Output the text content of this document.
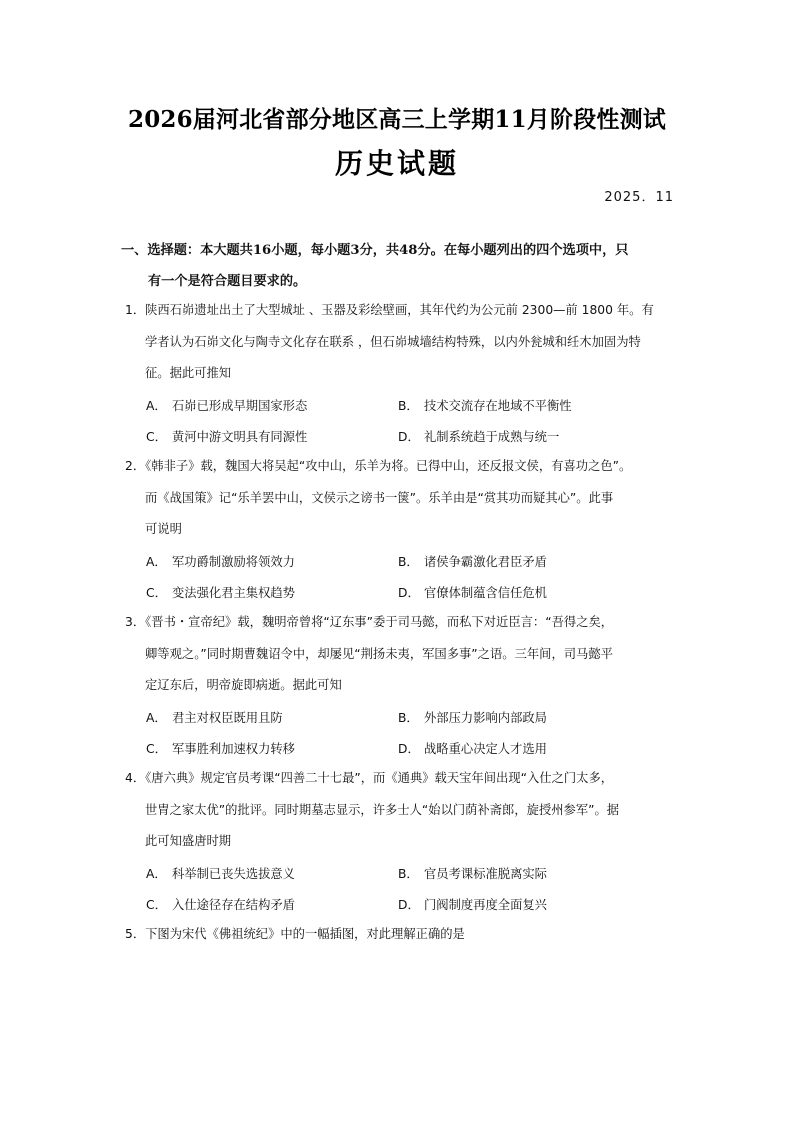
2026届河北省部分地区高三上学期11月阶段性测试
历史试题
2025．11
一、选择题：本大题共16小题，每小题3分，共48分。在每小题列出的四个选项中，只
有一个是符合题目要求的。
1．陕西石峁遗址出土了大型城址 、玉器及彩绘壁画，其年代约为公元前 2300—前 1800 年。有
学者认为石峁文化与陶寺文化存在联系 ，但石峁城墙结构特殊，以内外瓮城和纴木加固为特
征。据此可推知
A． 石峁已形成早期国家形态	B． 技术交流存在地域不平衡性
C． 黄河中游文明具有同源性	D． 礼制系统趋于成熟与统一
2．《韩非子》载，魏国大将吴起“攻中山，乐羊为将。已得中山，还反报文侯，有喜功之色”。
而《战国策》记“乐羊罢中山，文侯示之谤书一箧”。乐羊由是“赏其功而疑其心”。此事
可说明
A． 军功爵制激励将领效力	B． 诸侯争霸激化君臣矛盾
C． 变法强化君主集权趋势	D． 官僚体制蕴含信任危机
3．《晋书・宣帝纪》载，魏明帝曾将“辽东事”委于司马懿，而私下对近臣言：“吾得之矣，
卿等观之。”同时期曹魏诏令中，却屡见“荆扬未夷，军国多事”之语。三年间，司马懿平
定辽东后，明帝旋即病逝。据此可知
A． 君主对权臣既用且防	B． 外部压力影响内部政局
C． 军事胜利加速权力转移	D． 战略重心决定人才选用
4．《唐六典》规定官员考课“四善二十七最”，而《通典》载天宝年间出现“入仕之门太多，
世胄之家太优”的批评。同时期墓志显示，许多士人“始以门荫补斋郎，旋授州参军”。据
此可知盛唐时期
A． 科举制已丧失选拔意义	B． 官员考课标准脱离实际
C． 入仕途径存在结构矛盾	D． 门阀制度再度全面复兴
5．下图为宋代《佛祖统纪》中的一幅插图，对此理解正确的是
